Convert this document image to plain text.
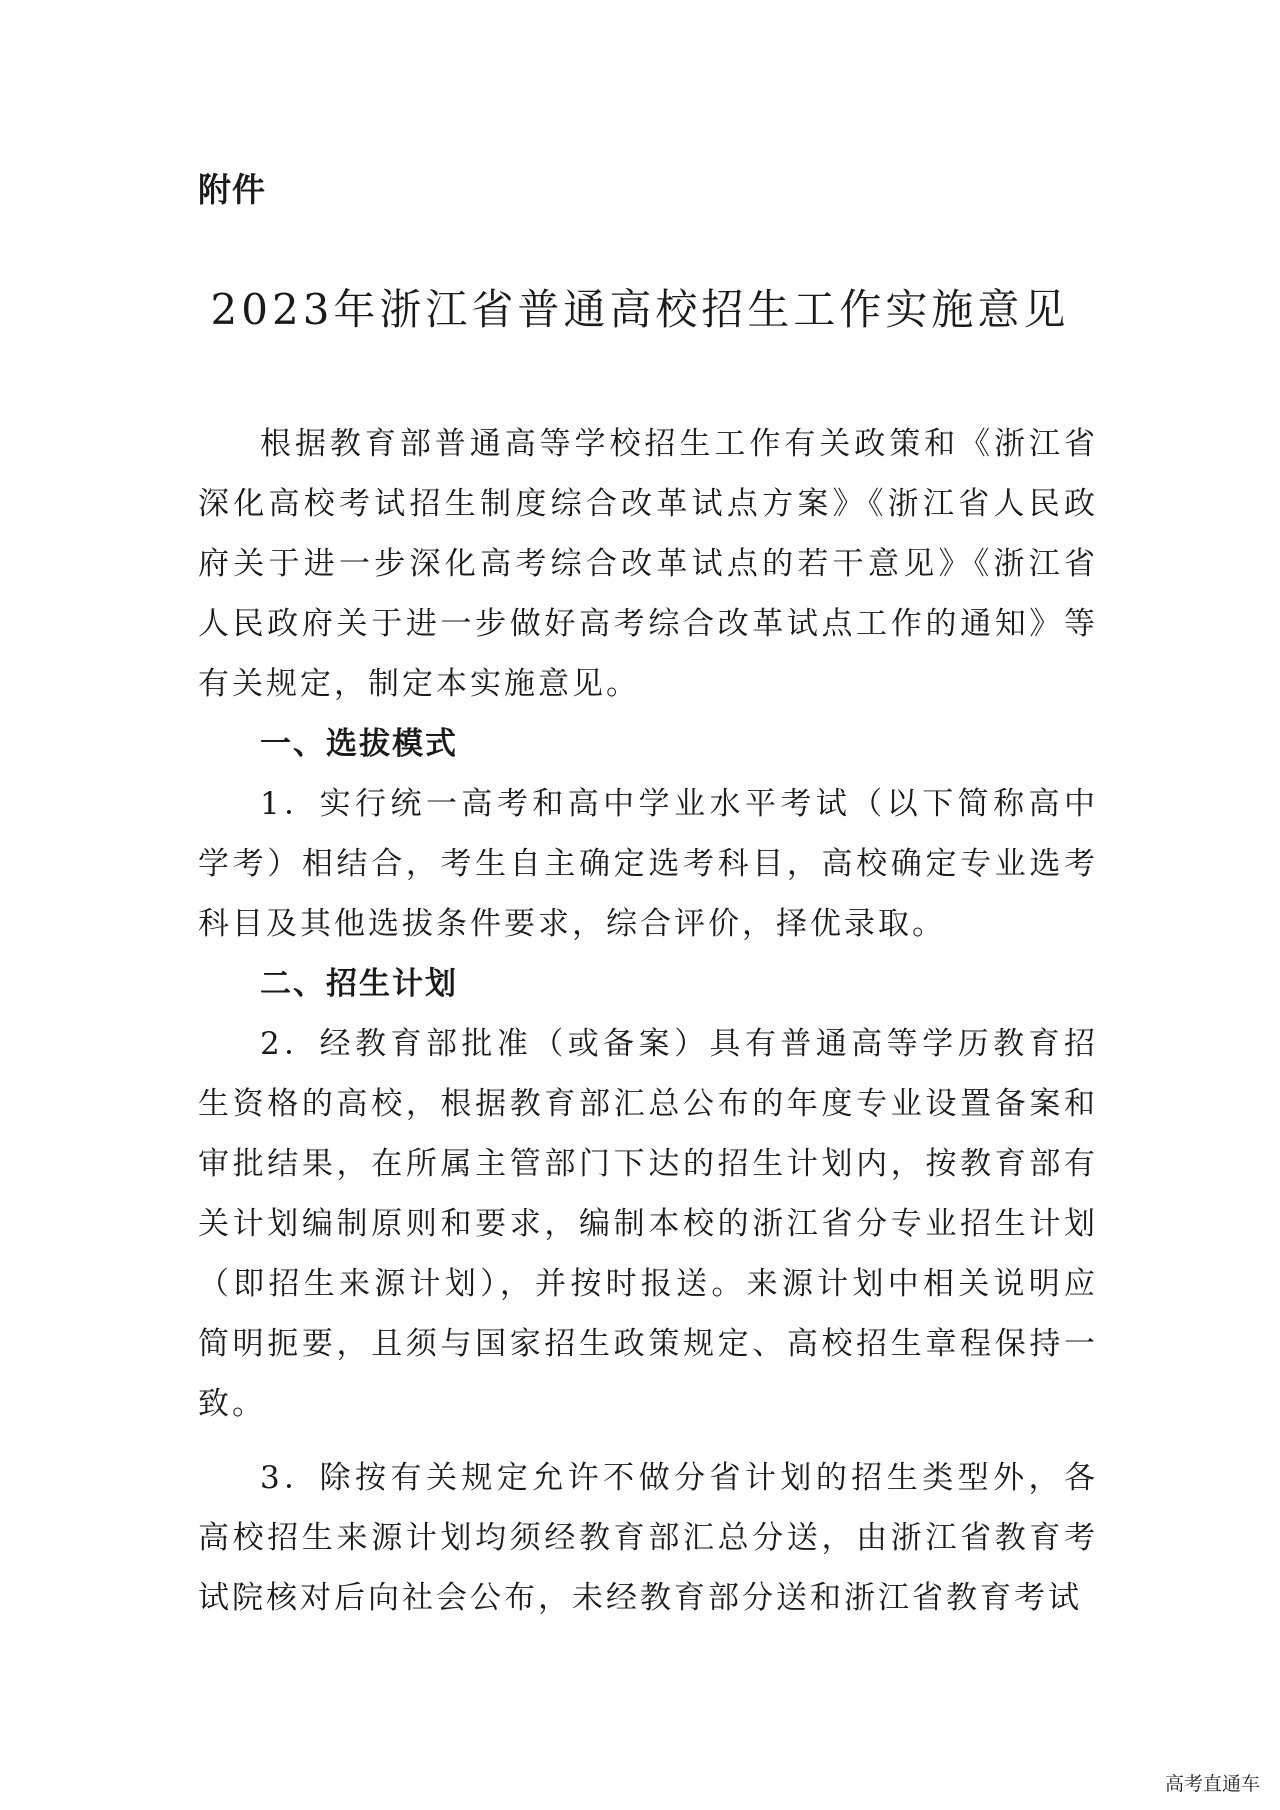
附件
2023年浙江省普通高校招生工作实施意见

根据教育部普通高等学校招生工作有关政策和《浙江省深化高校考试招生制度综合改革试点方案》《浙江省人民政府关于进一步深化高考综合改革试点的若干意见》《浙江省人民政府关于进一步做好高考综合改革试点工作的通知》等有关规定，制定本实施意见。

一、选拔模式

1．实行统一高考和高中学业水平考试（以下简称高中学考）相结合，考生自主确定选考科目，高校确定专业选考科目及其他选拔条件要求，综合评价，择优录取。

二、招生计划

2．经教育部批准（或备案）具有普通高等学历教育招生资格的高校，根据教育部汇总公布的年度专业设置备案和审批结果，在所属主管部门下达的招生计划内，按教育部有关计划编制原则和要求，编制本校的浙江省分专业招生计划（即招生来源计划），并按时报送。来源计划中相关说明应简明扼要，且须与国家招生政策规定、高校招生章程保持一致。

3．除按有关规定允许不做分省计划的招生类型外，各高校招生来源计划均须经教育部汇总分送，由浙江省教育考试院核对后向社会公布，未经教育部分送和浙江省教育考试

高考直通车
